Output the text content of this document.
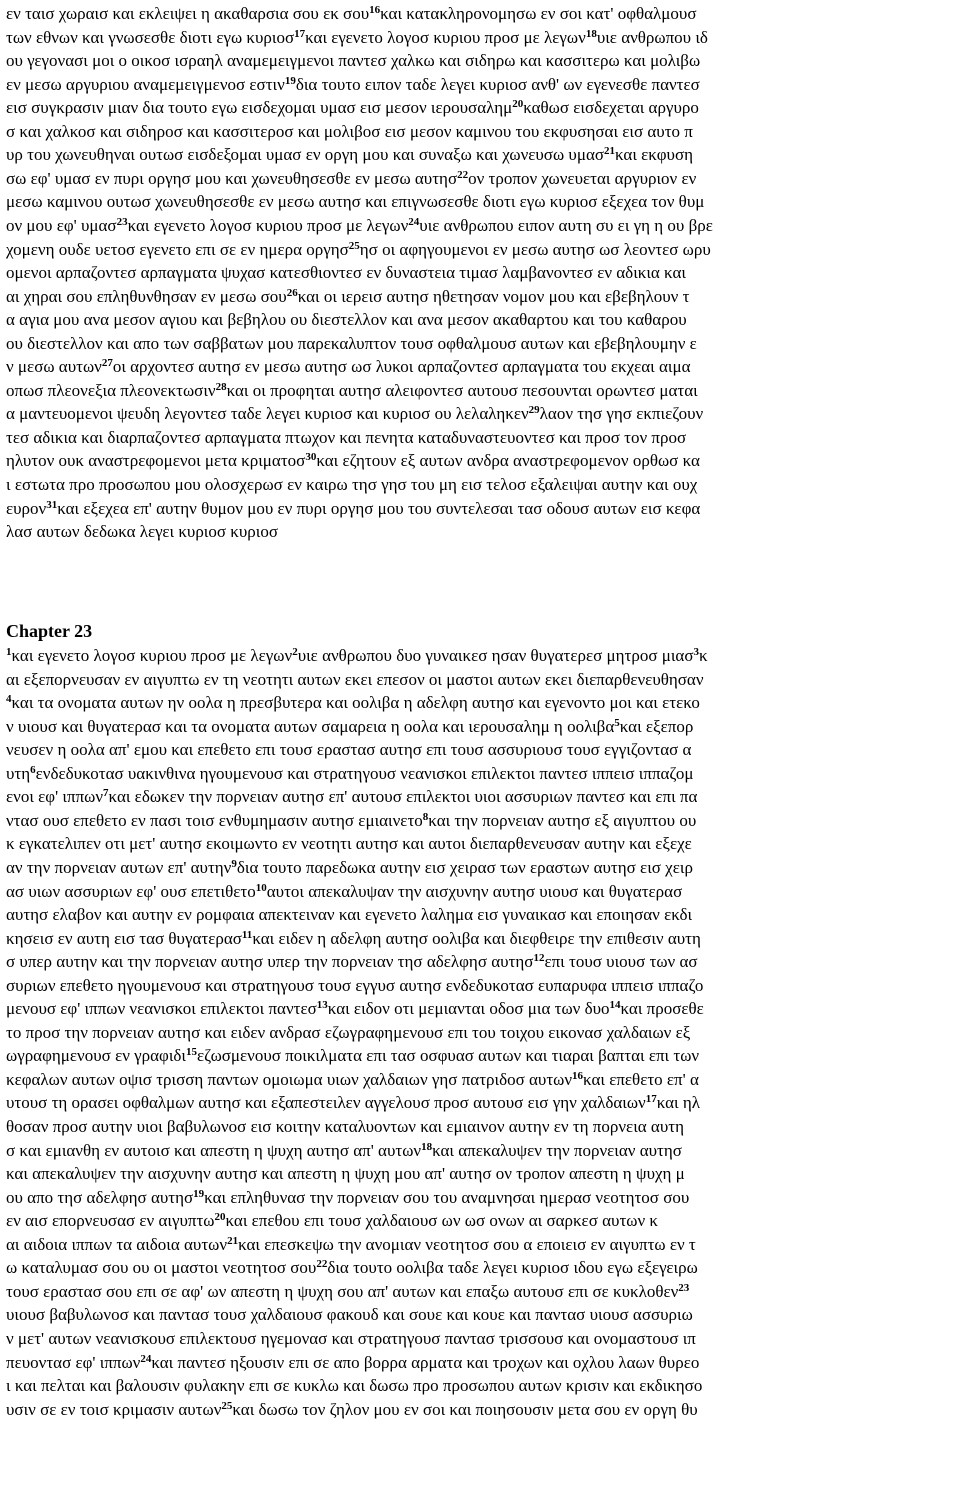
εν ταισ χωραισ και εκλειψει η ακαθαρσια σου εκ σου$^{16}$και κατακληρονομησω εν σοι κατ' οφθαλμουσ
των εθνων και γνωσεσθε διοτι εγω κυριοσ$^{17}$και εγενετο λογοσ κυριου προσ με λεγων$^{18}$υιε ανθρωπου ιδ
ου γεγονασι μοι ο οικοσ ισραηλ αναμεμειγμενοι παντεσ χαλκω και σιδηρω και κασσιτερω και μολιβω
εν μεσω αργυριου αναμεμειγμενοσ εστιν$^{19}$δια τουτο ειπον ταδε λεγει κυριοσ ανθ' ων εγενεσθε παντεσ
εισ συγκρασιν μιαν δια τουτο εγω εισδεχομαι υμασ εισ μεσον ιερουσαλημ$^{20}$καθωσ εισδεχεται αργυρο
σ και χαλκοσ και σιδηροσ και κασσιτεροσ και μολιβοσ εισ μεσον καμινου του εκφυσησαι εισ αυτο π
υρ του χωνευθηναι ουτωσ εισδεξομαι υμασ εν οργη μου και συναξω και χωνευσω υμασ$^{21}$και εκφυση
σω εφ' υμασ εν πυρι οργησ μου και χωνευθησεσθε εν μεσω αυτησ$^{22}$ον τροπον χωνευεται αργυριον εν
μεσω καμινου ουτωσ χωνευθησεσθε εν μεσω αυτησ και επιγνωσεσθε διοτι εγω κυριοσ εξεχεα τον θυμ
ον μου εφ' υμασ$^{23}$και εγενετο λογοσ κυριου προσ με λεγων$^{24}$υιε ανθρωπου ειπον αυτη συ ει γη η ου βρε
χομενη ουδε υετοσ εγενετο επι σε εν ημερα οργησ$^{25}$ησ οι αφηγουμενοι εν μεσω αυτησ ωσ λεοντεσ ωρυ
ομενοι αρπαζοντεσ αρπαγματα ψυχασ κατεσθιοντεσ εν δυναστεια τιμασ λαμβανοντεσ εν αδικια και
αι χηραι σου επληθυνθησαν εν μεσω σου$^{26}$και οι ιερεισ αυτησ ηθετησαν νομον μου και εβεβηλουν τ
α αγια μου ανα μεσον αγιου και βεβηλου ου διεστελλον και ανα μεσον ακαθαρτου και του καθαρου
ου διεστελλον και απο των σαββατων μου παρεκαλυπτον τουσ οφθαλμουσ αυτων και εβεβηλουμην ε
ν μεσω αυτων$^{27}$οι αρχοντεσ αυτησ εν μεσω αυτησ ωσ λυκοι αρπαζοντεσ αρπαγματα του εκχεαι αιμα
οπωσ πλεονεξια πλεονεκτωσιν$^{28}$και οι προφηται αυτησ αλειφοντεσ αυτουσ πεσουνται ορωντεσ μαται
α μαντευομενοι ψευδη λεγοντεσ ταδε λεγει κυριοσ και κυριοσ ου λελαληκεν$^{29}$λαον τησ γησ εκπιεζουν
τεσ αδικια και διαρπαζοντεσ αρπαγματα πτωχον και πενητα καταδυναστευοντεσ και προσ τον προσ
ηλυτον ουκ αναστρεφομενοι μετα κριματοσ$^{30}$και εζητουν εξ αυτων ανδρα αναστρεφομενον ορθωσ κα
ι εστωτα προ προσωπου μου ολοσχερωσ εν καιρω τησ γησ του μη εισ τελοσ εξαλειψαι αυτην και ουχ
ευρον$^{31}$και εξεχεα επ' αυτην θυμον μου εν πυρι οργησ μου του συντελεσαι τασ οδουσ αυτων εισ κεφα
λασ αυτων δεδωκα λεγει κυριοσ κυριοσ
Chapter 23
$^1$και εγενετο λογοσ κυριου προσ με λεγων$^2$υιε ανθρωπου δυο γυναικεσ ησαν θυγατερεσ μητροσ μιασ$^3$κ
αι εξεπορνευσαν εν αιγυπτω εν τη νεοτητι αυτων εκει επεσον οι μαστοι αυτων εκει διεπαρθενευθησαν
$^4$και τα ονοματα αυτων ην οολα η πρεσβυτερα και οολιβα η αδελφη αυτησ και εγενοντο μοι και ετεκο
ν υιουσ και θυγατερασ και τα ονοματα αυτων σαμαρεια η οολα και ιερουσαλημ η οολιβα$^5$και εξεπορ
νευσεν η οολα απ' εμου και επεθετο επι τουσ εραστασ αυτησ επι τουσ ασσυριουσ τουσ εγγιζοντασ α
υτη$^6$ενδεδυκοτασ υακινθινα ηγουμενουσ και στρατηγουσ νεανισκοι επιλεκτοι παντεσ ιππεισ ιππαζομ
ενοι εφ' ιππων$^7$και εδωκεν την πορνειαν αυτησ επ' αυτουσ επιλεκτοι υιοι ασσυριων παντεσ και επι πα
ντασ ουσ επεθετο εν πασι τοισ ενθυμημασιν αυτησ εμιαινετο$^8$και την πορνειαν αυτησ εξ αιγυπτου ου
κ εγκατελιπεν οτι μετ' αυτησ εκοιμωντο εν νεοτητι αυτησ και αυτοι διεπαρθενευσαν αυτην και εξεχε
αν την πορνειαν αυτων επ' αυτην$^9$δια τουτο παρεδωκα αυτην εισ χειρασ των εραστων αυτησ εισ χειρ
ασ υιων ασσυριων εφ' ουσ επετιθετο$^{10}$αυτοι απεκαλυψαν την αισχυνην αυτησ υιουσ και θυγατερασ
αυτησ ελαβον και αυτην εν ρομφαια απεκτειναν και εγενετο λαλημα εισ γυναικασ και εποιησαν εκδι
κησεισ εν αυτη εισ τασ θυγατερασ$^{11}$και ειδεν η αδελφη αυτησ οολιβα και διεφθειρε την επιθεσιν αυτη
σ υπερ αυτην και την πορνειαν αυτησ υπερ την πορνειαν τησ αδελφησ αυτησ$^{12}$επι τουσ υιουσ των ασ
συριων επεθετο ηγουμενουσ και στρατηγουσ τουσ εγγυσ αυτησ ενδεδυκοτασ ευπαρυφα ιππεισ ιππαζο
μενουσ εφ' ιππων νεανισκοι επιλεκτοι παντεσ$^{13}$και ειδον οτι μεμιανται οδοσ μια των δυο$^{14}$και προσεθε
το προσ την πορνειαν αυτησ και ειδεν ανδρασ εζωγραφημενουσ επι του τοιχου εικονασ χαλδαιων εξ
ωγραφημενουσ εν γραφιδι$^{15}$εζωσμενουσ ποικιλματα επι τασ οσφυασ αυτων και τιαραι βαπται επι των
κεφαλων αυτων οψισ τρισση παντων ομοιωμα υιων χαλδαιων γησ πατριδοσ αυτων$^{16}$και επεθετο επ' α
υτουσ τη ορασει οφθαλμων αυτησ και εξαπεστειλεν αγγελουσ προσ αυτουσ εισ γην χαλδαιων$^{17}$και ηλ
θοσαν προσ αυτην υιοι βαβυλωνοσ εισ κοιτην καταλυοντων και εμιαινον αυτην εν τη πορνεια αυτη
σ και εμιανθη εν αυτοισ και απεστη η ψυχη αυτησ απ' αυτων$^{18}$και απεκαλυψεν την πορνειαν αυτησ
και απεκαλυψεν την αισχυνην αυτησ και απεστη η ψυχη μου απ' αυτησ ον τροπον απεστη η ψυχη μ
ου απο τησ αδελφησ αυτησ$^{19}$και επληθυνασ την πορνειαν σου του αναμνησαι ημερασ νεοτητοσ σου
εν αισ επορνευσασ εν αιγυπτω$^{20}$και επεθου επι τουσ χαλδαιουσ ων ωσ ονων αι σαρκεσ αυτων κ
αι αιδοια ιππων τα αιδοια αυτων$^{21}$και επεσκεψω την ανομιαν νεοτητοσ σου α εποιεισ εν αιγυπτω εν τ
ω καταλυμασ σου ου οι μαστοι νεοτητοσ σου$^{22}$δια τουτο οολιβα ταδε λεγει κυριοσ ιδου εγω εξεγειρω
τουσ εραστασ σου επι σε αφ' ων απεστη η ψυχη σου απ' αυτων και επαξω αυτουσ επι σε κυκλοθεν$^{23}$
υιουσ βαβυλωνοσ και παντασ τουσ χαλδαιουσ φακουδ και σουε και κουε και παντασ υιουσ ασσυριω
ν μετ' αυτων νεανισκουσ επιλεκτουσ ηγεμονασ και στρατηγουσ παντασ τρισσουσ και ονομαστουσ ιπ
πευοντασ εφ' ιππων$^{24}$και παντεσ ηξουσιν επι σε απο βορρα αρματα και τροχων και οχλου λαων θυρεο
ι και πελται και βαλουσιν φυλακην επι σε κυκλω και δωσω προ προσωπου αυτων κρισιν και εκδικησο
υσιν σε εν τοισ κριμασιν αυτων$^{25}$και δωσω τον ζηλον μου εν σοι και ποιησουσιν μετα σου εν οργη θυ
